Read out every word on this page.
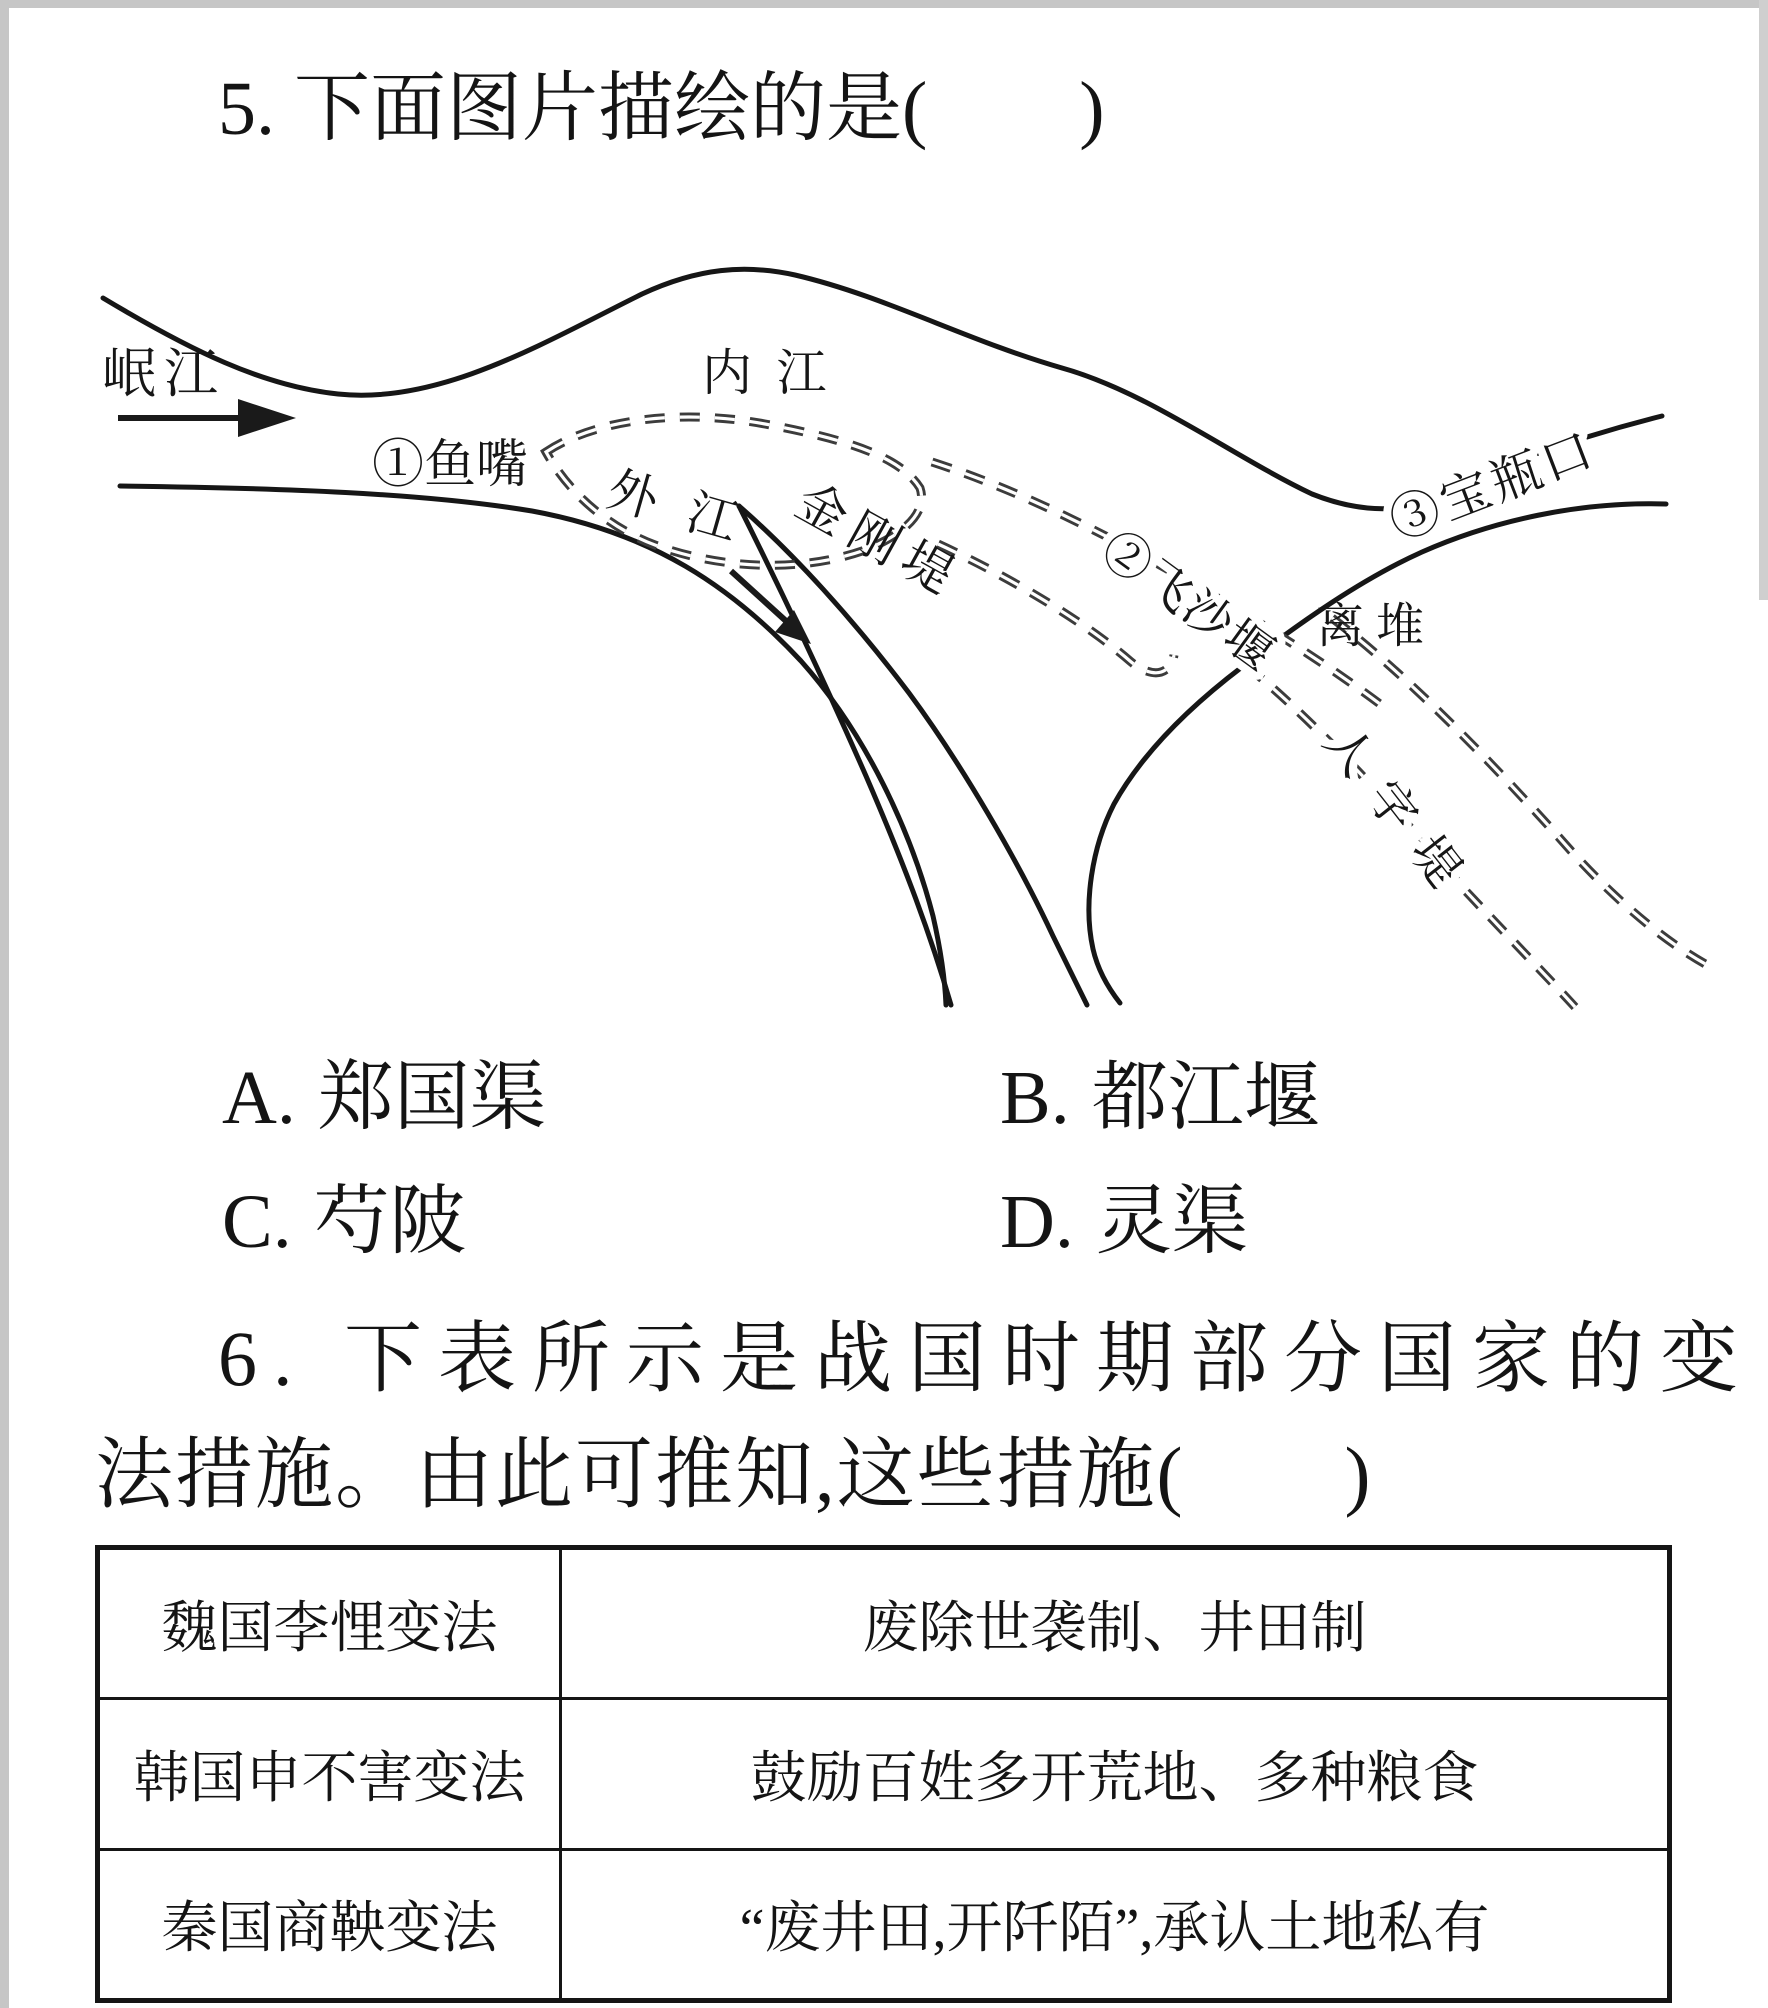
5. 下面图片描绘的是(　　)
岷江
①鱼嘴
内 江
外 江 金刚堤	②飞沙堰
③宝瓶口
离堆
人字堤
A. 郑国渠	B. 都江堰
C. 芍陂	D. 灵渠
6. 下表所示是战国时期部分国家的变
法措施。由此可推知,这些措施(　　)
魏国李悝变法	废除世袭制、井田制
韩国申不害变法	鼓励百姓多开荒地、多种粮食
秦国商鞅变法	“废井田,开阡陌”,承认土地私有
